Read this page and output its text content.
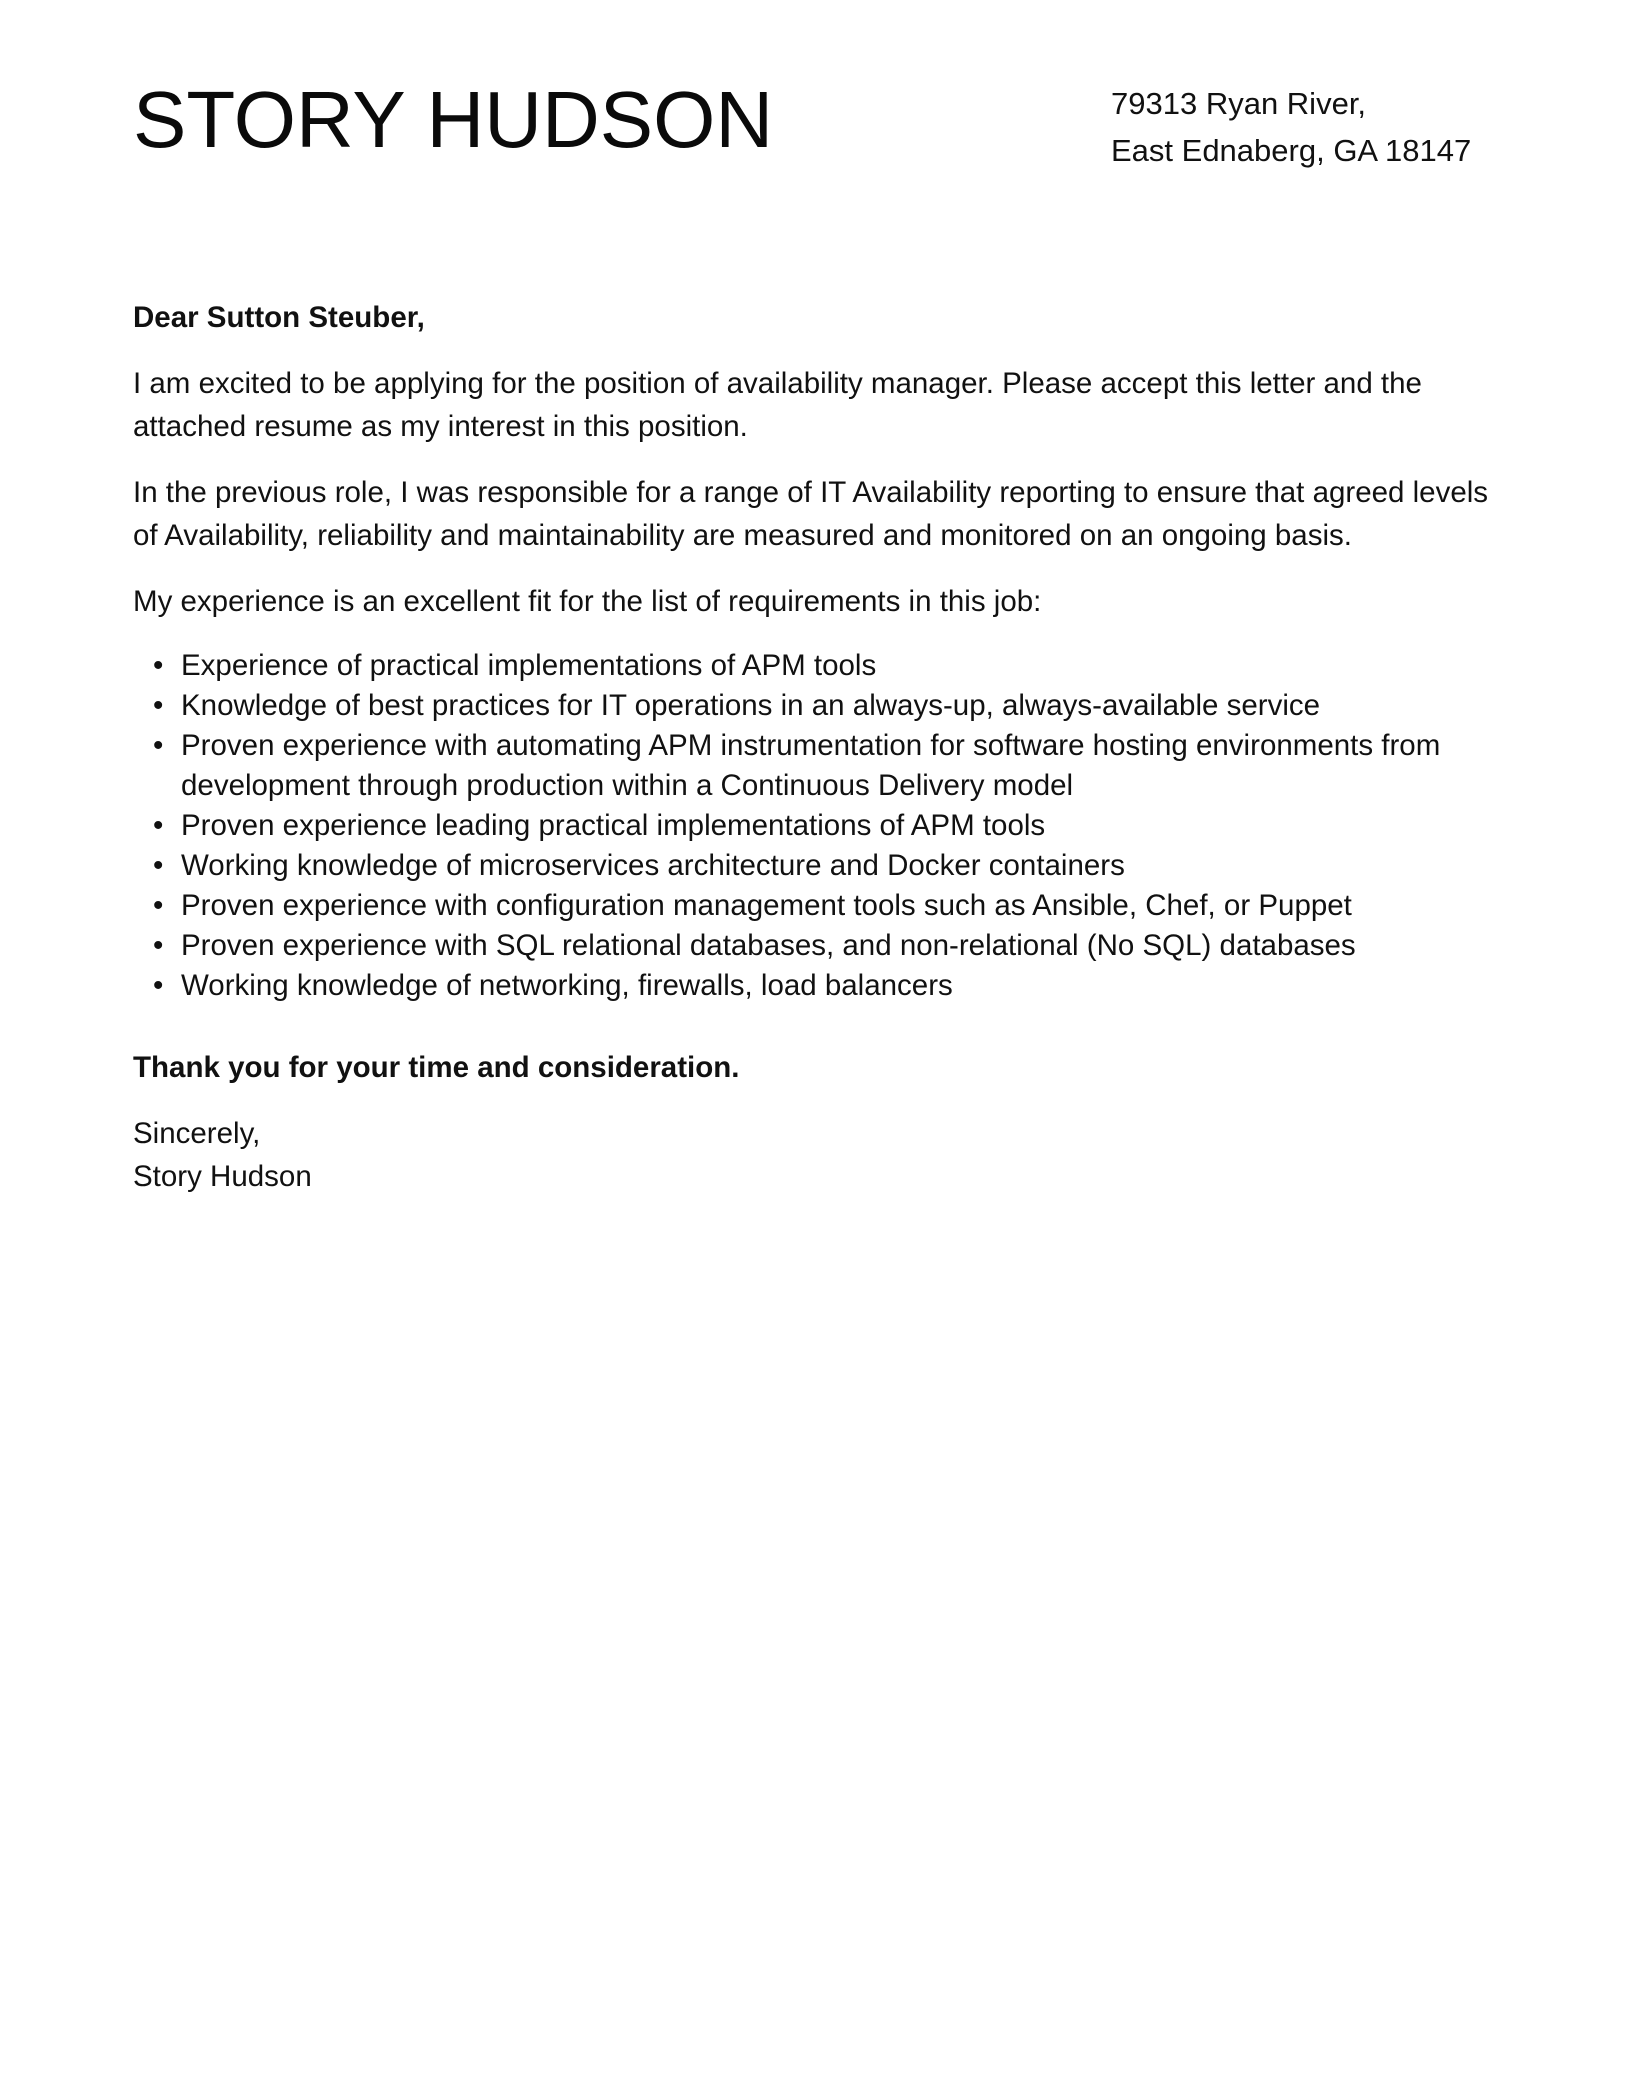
STORY HUDSON	79313 Ryan River,
East Ednaberg, GA 18147

Dear Sutton Steuber,

I am excited to be applying for the position of availability manager. Please accept this letter and the attached resume as my interest in this position.

In the previous role, I was responsible for a range of IT Availability reporting to ensure that agreed levels of Availability, reliability and maintainability are measured and monitored on an ongoing basis.

My experience is an excellent fit for the list of requirements in this job:

• Experience of practical implementations of APM tools
• Knowledge of best practices for IT operations in an always-up, always-available service
• Proven experience with automating APM instrumentation for software hosting environments from development through production within a Continuous Delivery model
• Proven experience leading practical implementations of APM tools
• Working knowledge of microservices architecture and Docker containers
• Proven experience with configuration management tools such as Ansible, Chef, or Puppet
• Proven experience with SQL relational databases, and non-relational (No SQL) databases
• Working knowledge of networking, firewalls, load balancers

Thank you for your time and consideration.

Sincerely,
Story Hudson
